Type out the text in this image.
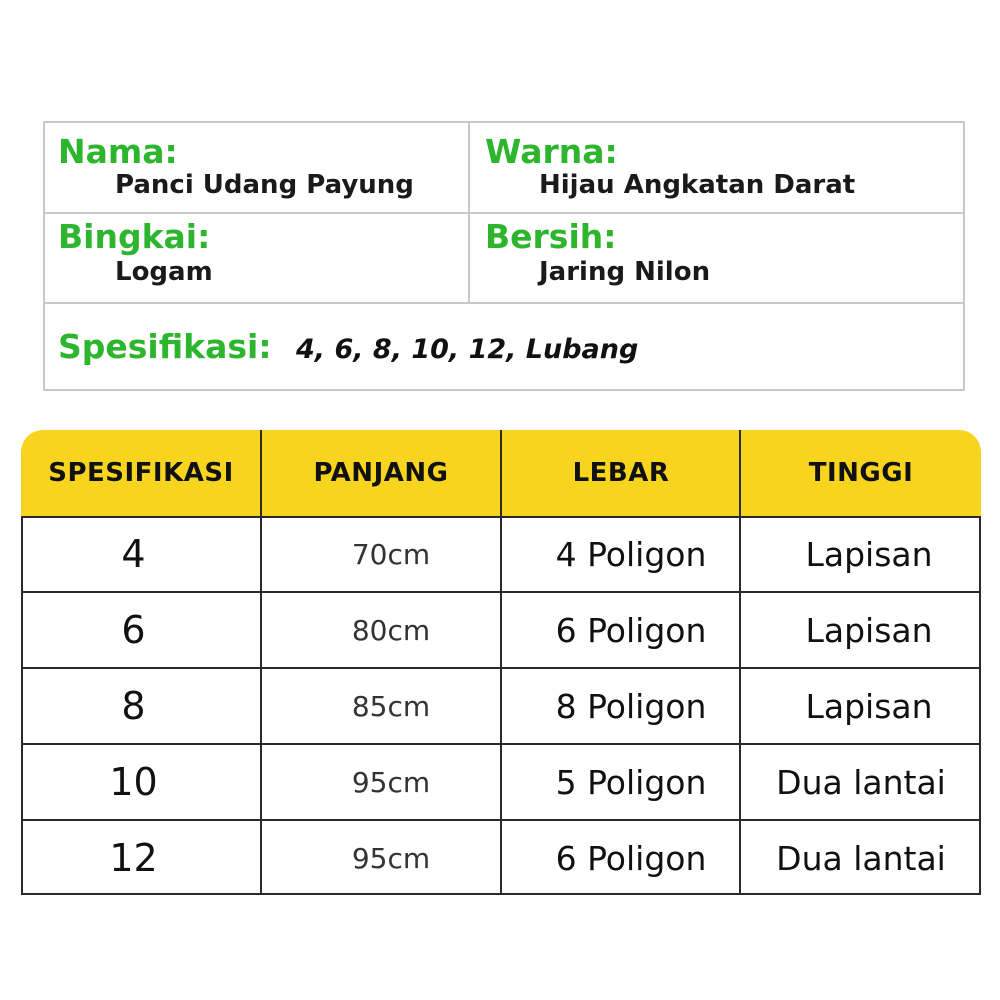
Nama:
Panci Udang Payung
Warna:
Hijau Angkatan Darat
Bingkai:
Logam
Bersih:
Jaring Nilon
Spesifikasi: 4, 6, 8, 10, 12, Lubang
SPESIFIKASI	PANJANG	LEBAR	TINGGI
4	70cm	4 Poligon	Lapisan
6	80cm	6 Poligon	Lapisan
8	85cm	8 Poligon	Lapisan
10	95cm	5 Poligon	Dua lantai
12	95cm	6 Poligon	Dua lantai
